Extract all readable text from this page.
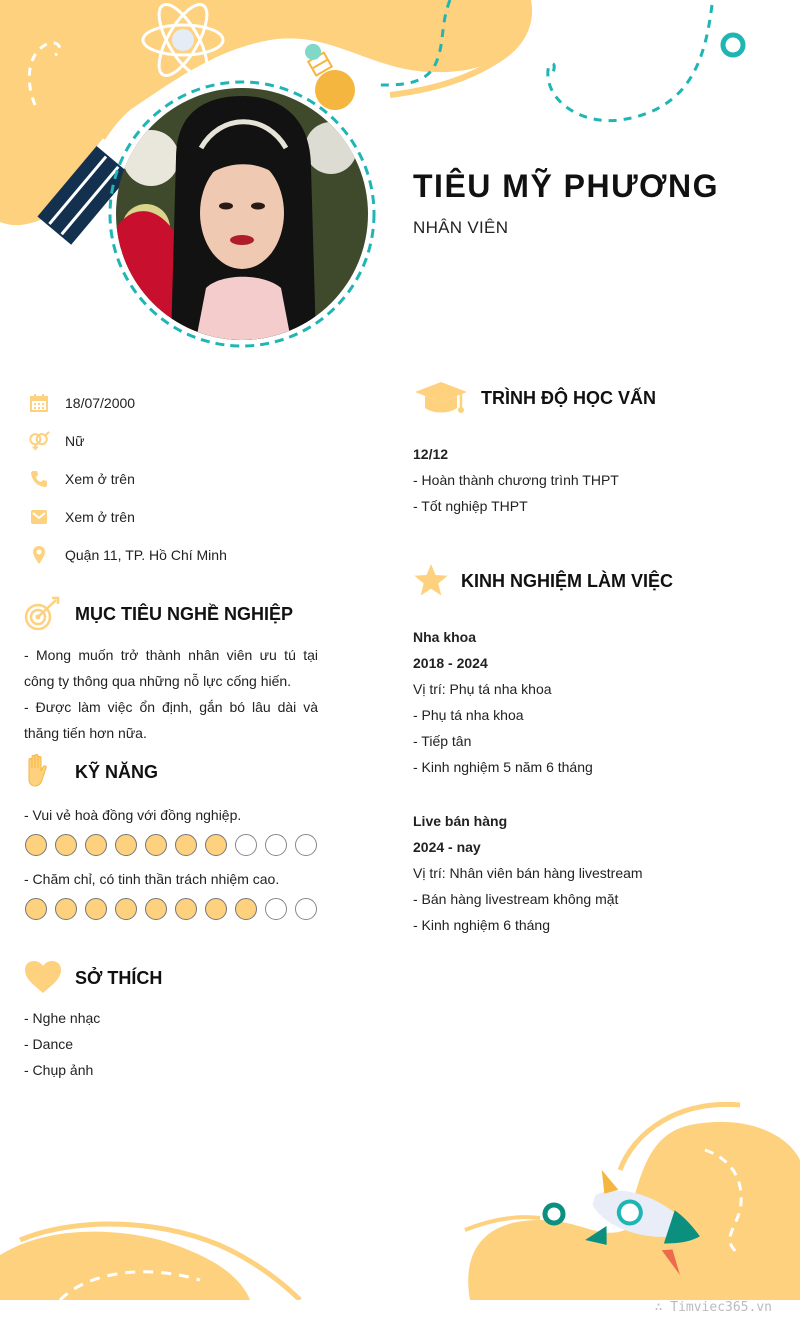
TIÊU MỸ PHƯƠNG
NHÂN VIÊN
18/07/2000
Nữ
Xem ở trên
Xem ở trên
Quận 11, TP. Hồ Chí Minh
MỤC TIÊU NGHỀ NGHIỆP
- Mong muốn trở thành nhân viên ưu tú tại công ty thông qua những nỗ lực cống hiến.
- Được làm việc ổn định, gắn bó lâu dài và thăng tiến hơn nữa.
KỸ NĂNG
- Vui vẻ hoà đồng với đồng nghiệp.
- Chăm chỉ, có tinh thần trách nhiệm cao.
SỞ THÍCH
- Nghe nhạc
- Dance
- Chụp ảnh
TRÌNH ĐỘ HỌC VẤN
12/12
- Hoàn thành chương trình THPT
- Tốt nghiệp THPT
KINH NGHIỆM LÀM VIỆC
Nha khoa
2018 - 2024
Vị trí: Phụ tá nha khoa
- Phụ tá nha khoa
- Tiếp tân
- Kinh nghiệm 5 năm 6 tháng
Live bán hàng
2024 - nay
Vị trí: Nhân viên bán hàng livestream
- Bán hàng livestream không mặt
- Kinh nghiệm 6 tháng
∴ Timviec365.vn
